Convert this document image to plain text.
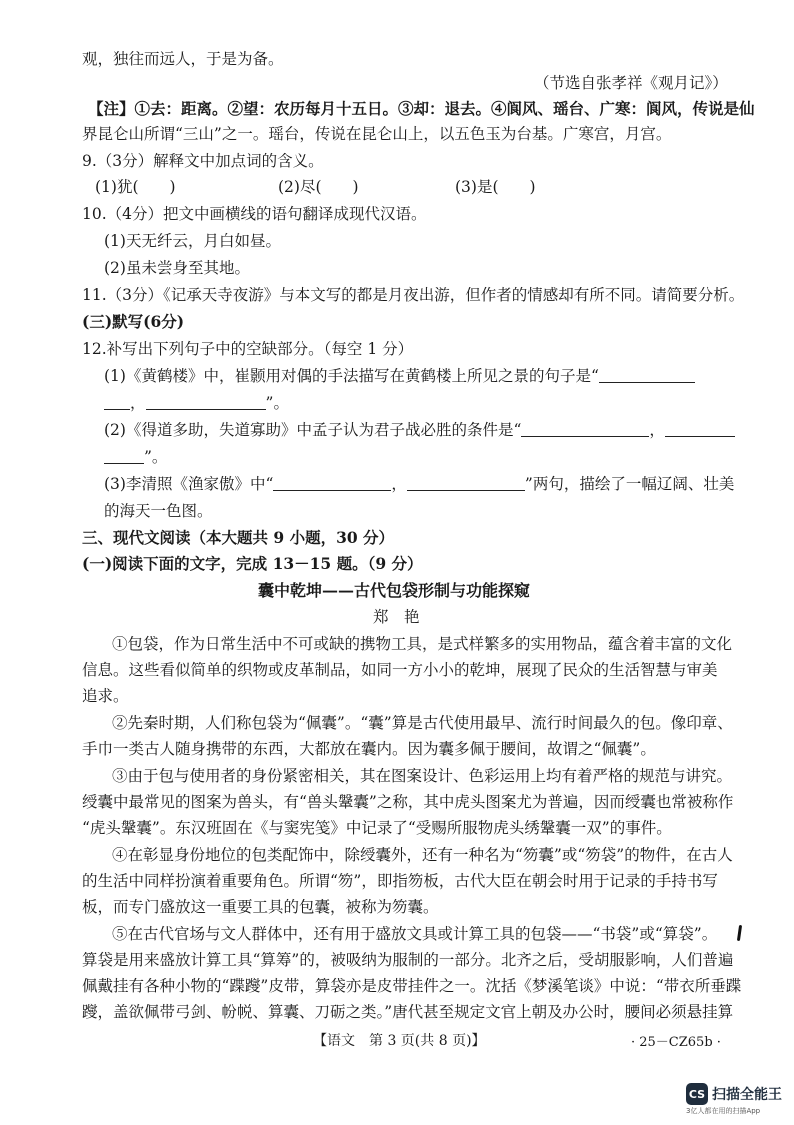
观，独往而远人，于是为备。
（节选自张孝祥《观月记》）
【注】①去：距离。②望：农历每月十五日。③却：退去。④阆风、瑶台、广寒：阆风，传说是仙
界昆仑山所谓“三山”之一。瑶台，传说在昆仑山上，以五色玉为台基。广寒宫，月宫。
9.（3分）解释文中加点词的含义。
(1)犹(　　)	(2)尽(　　)	(3)是(　　)
10.（4分）把文中画横线的语句翻译成现代汉语。
(1)天无纤云，月白如昼。
(2)虽未尝身至其地。
11.（3分）《记承天寺夜游》与本文写的都是月夜出游，但作者的情感却有所不同。请简要分析。
(三)默写(6分)
12.补写出下列句子中的空缺部分。（每空 1 分）
(1)《黄鹤楼》中，崔颢用对偶的手法描写在黄鹤楼上所见之景的句子是“
，	”。
(2)《得道多助，失道寡助》中孟子认为君子战必胜的条件是“	，
”。
(3)李清照《渔家傲》中“	，	”两句，描绘了一幅辽阔、壮美
的海天一色图。
三、现代文阅读（本大题共 9 小题，30 分）
(一)阅读下面的文字，完成 13－15 题。（9 分）
囊中乾坤——古代包袋形制与功能探窥
郑　艳
①包袋，作为日常生活中不可或缺的携物工具，是式样繁多的实用物品，蕴含着丰富的文化
信息。这些看似简单的织物或皮革制品，如同一方小小的乾坤，展现了民众的生活智慧与审美
追求。
②先秦时期，人们称包袋为“佩囊”。“囊”算是古代使用最早、流行时间最久的包。像印章、
手巾一类古人随身携带的东西，大都放在囊内。因为囊多佩于腰间，故谓之“佩囊”。
③由于包与使用者的身份紧密相关，其在图案设计、色彩运用上均有着严格的规范与讲究。
绶囊中最常见的图案为兽头，有“兽头鞶囊”之称，其中虎头图案尤为普遍，因而绶囊也常被称作
“虎头鞶囊”。东汉班固在《与窦宪笺》中记录了“受赐所服物虎头绣鞶囊一双”的事件。
④在彰显身份地位的包类配饰中，除绶囊外，还有一种名为“笏囊”或“笏袋”的物件，在古人
的生活中同样扮演着重要角色。所谓“笏”，即指笏板，古代大臣在朝会时用于记录的手持书写
板，而专门盛放这一重要工具的包囊，被称为笏囊。
⑤在古代官场与文人群体中，还有用于盛放文具或计算工具的包袋——“书袋”或“算袋”。
算袋是用来盛放计算工具“算筹”的，被吸纳为服制的一部分。北齐之后，受胡服影响，人们普遍
佩戴挂有各种小物的“蹀躞”皮带，算袋亦是皮带挂件之一。沈括《梦溪笔谈》中说：“带衣所垂蹀
躞，盖欲佩带弓剑、帉帨、算囊、刀砺之类。”唐代甚至规定文官上朝及办公时，腰间必须悬挂算
【语文　第 3 页(共 8 页)】	· 25－CZ65b ·
CS 扫描全能王
3亿人都在用的扫描App
